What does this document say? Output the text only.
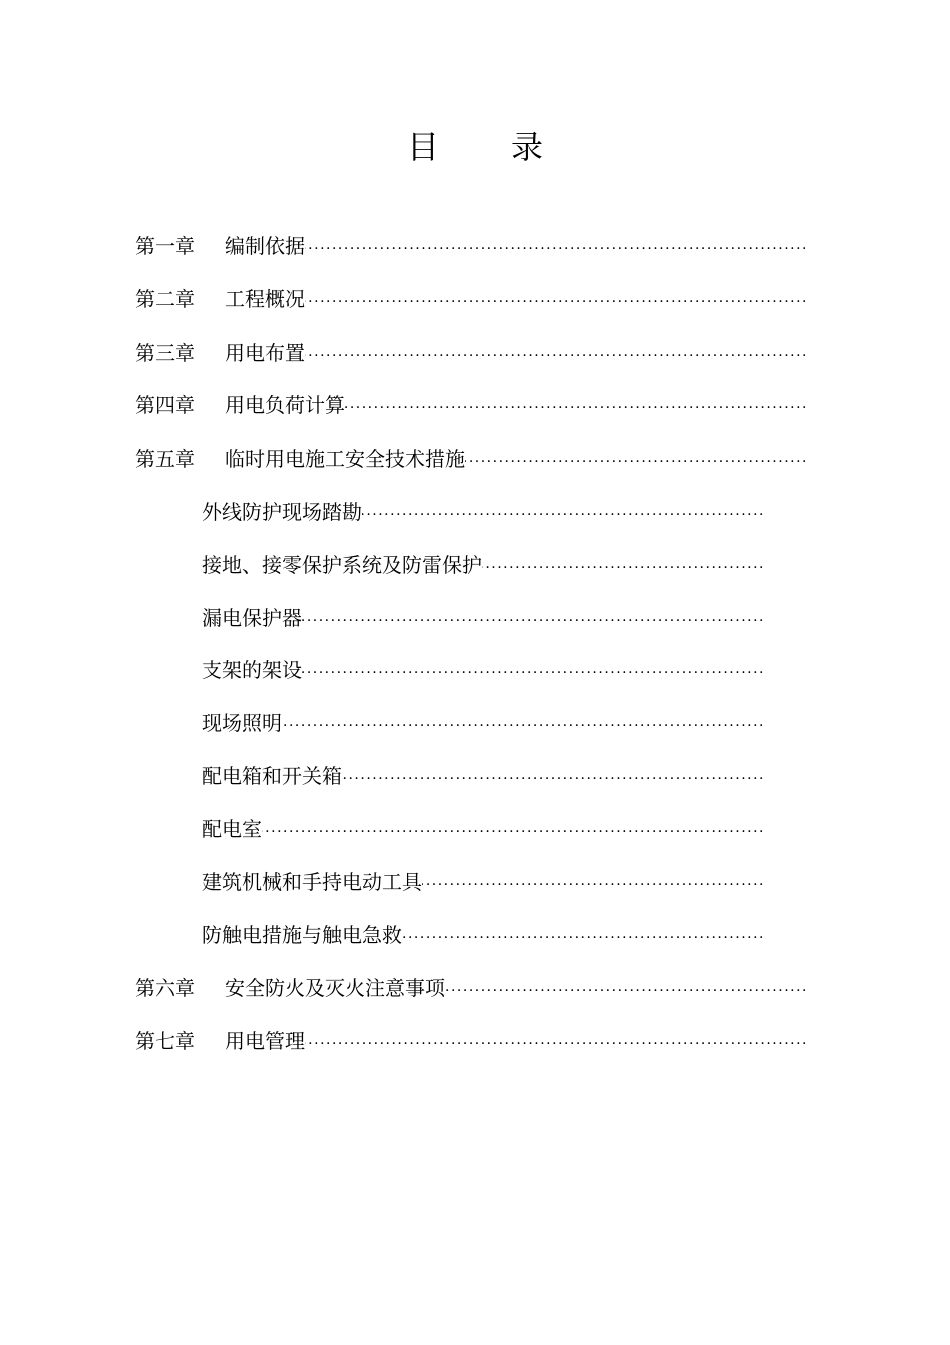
目 录
第一章	编制依据
·····
第二章	工程概况
·····
第三章	用电布置
·····
第四章	用电负荷计算
·····
第五章	临时用电施工安全技术措施
·····
外线防护现场踏勘
·····
接地、接零保护系统及防雷保护
·····
漏电保护器
·····
支架的架设
·····
现场照明
·····
配电箱和开关箱
·····
配电室
·····
建筑机械和手持电动工具
·····
防触电措施与触电急救
·····
第六章	安全防火及灭火注意事项
·····
第七章	用电管理
·····
